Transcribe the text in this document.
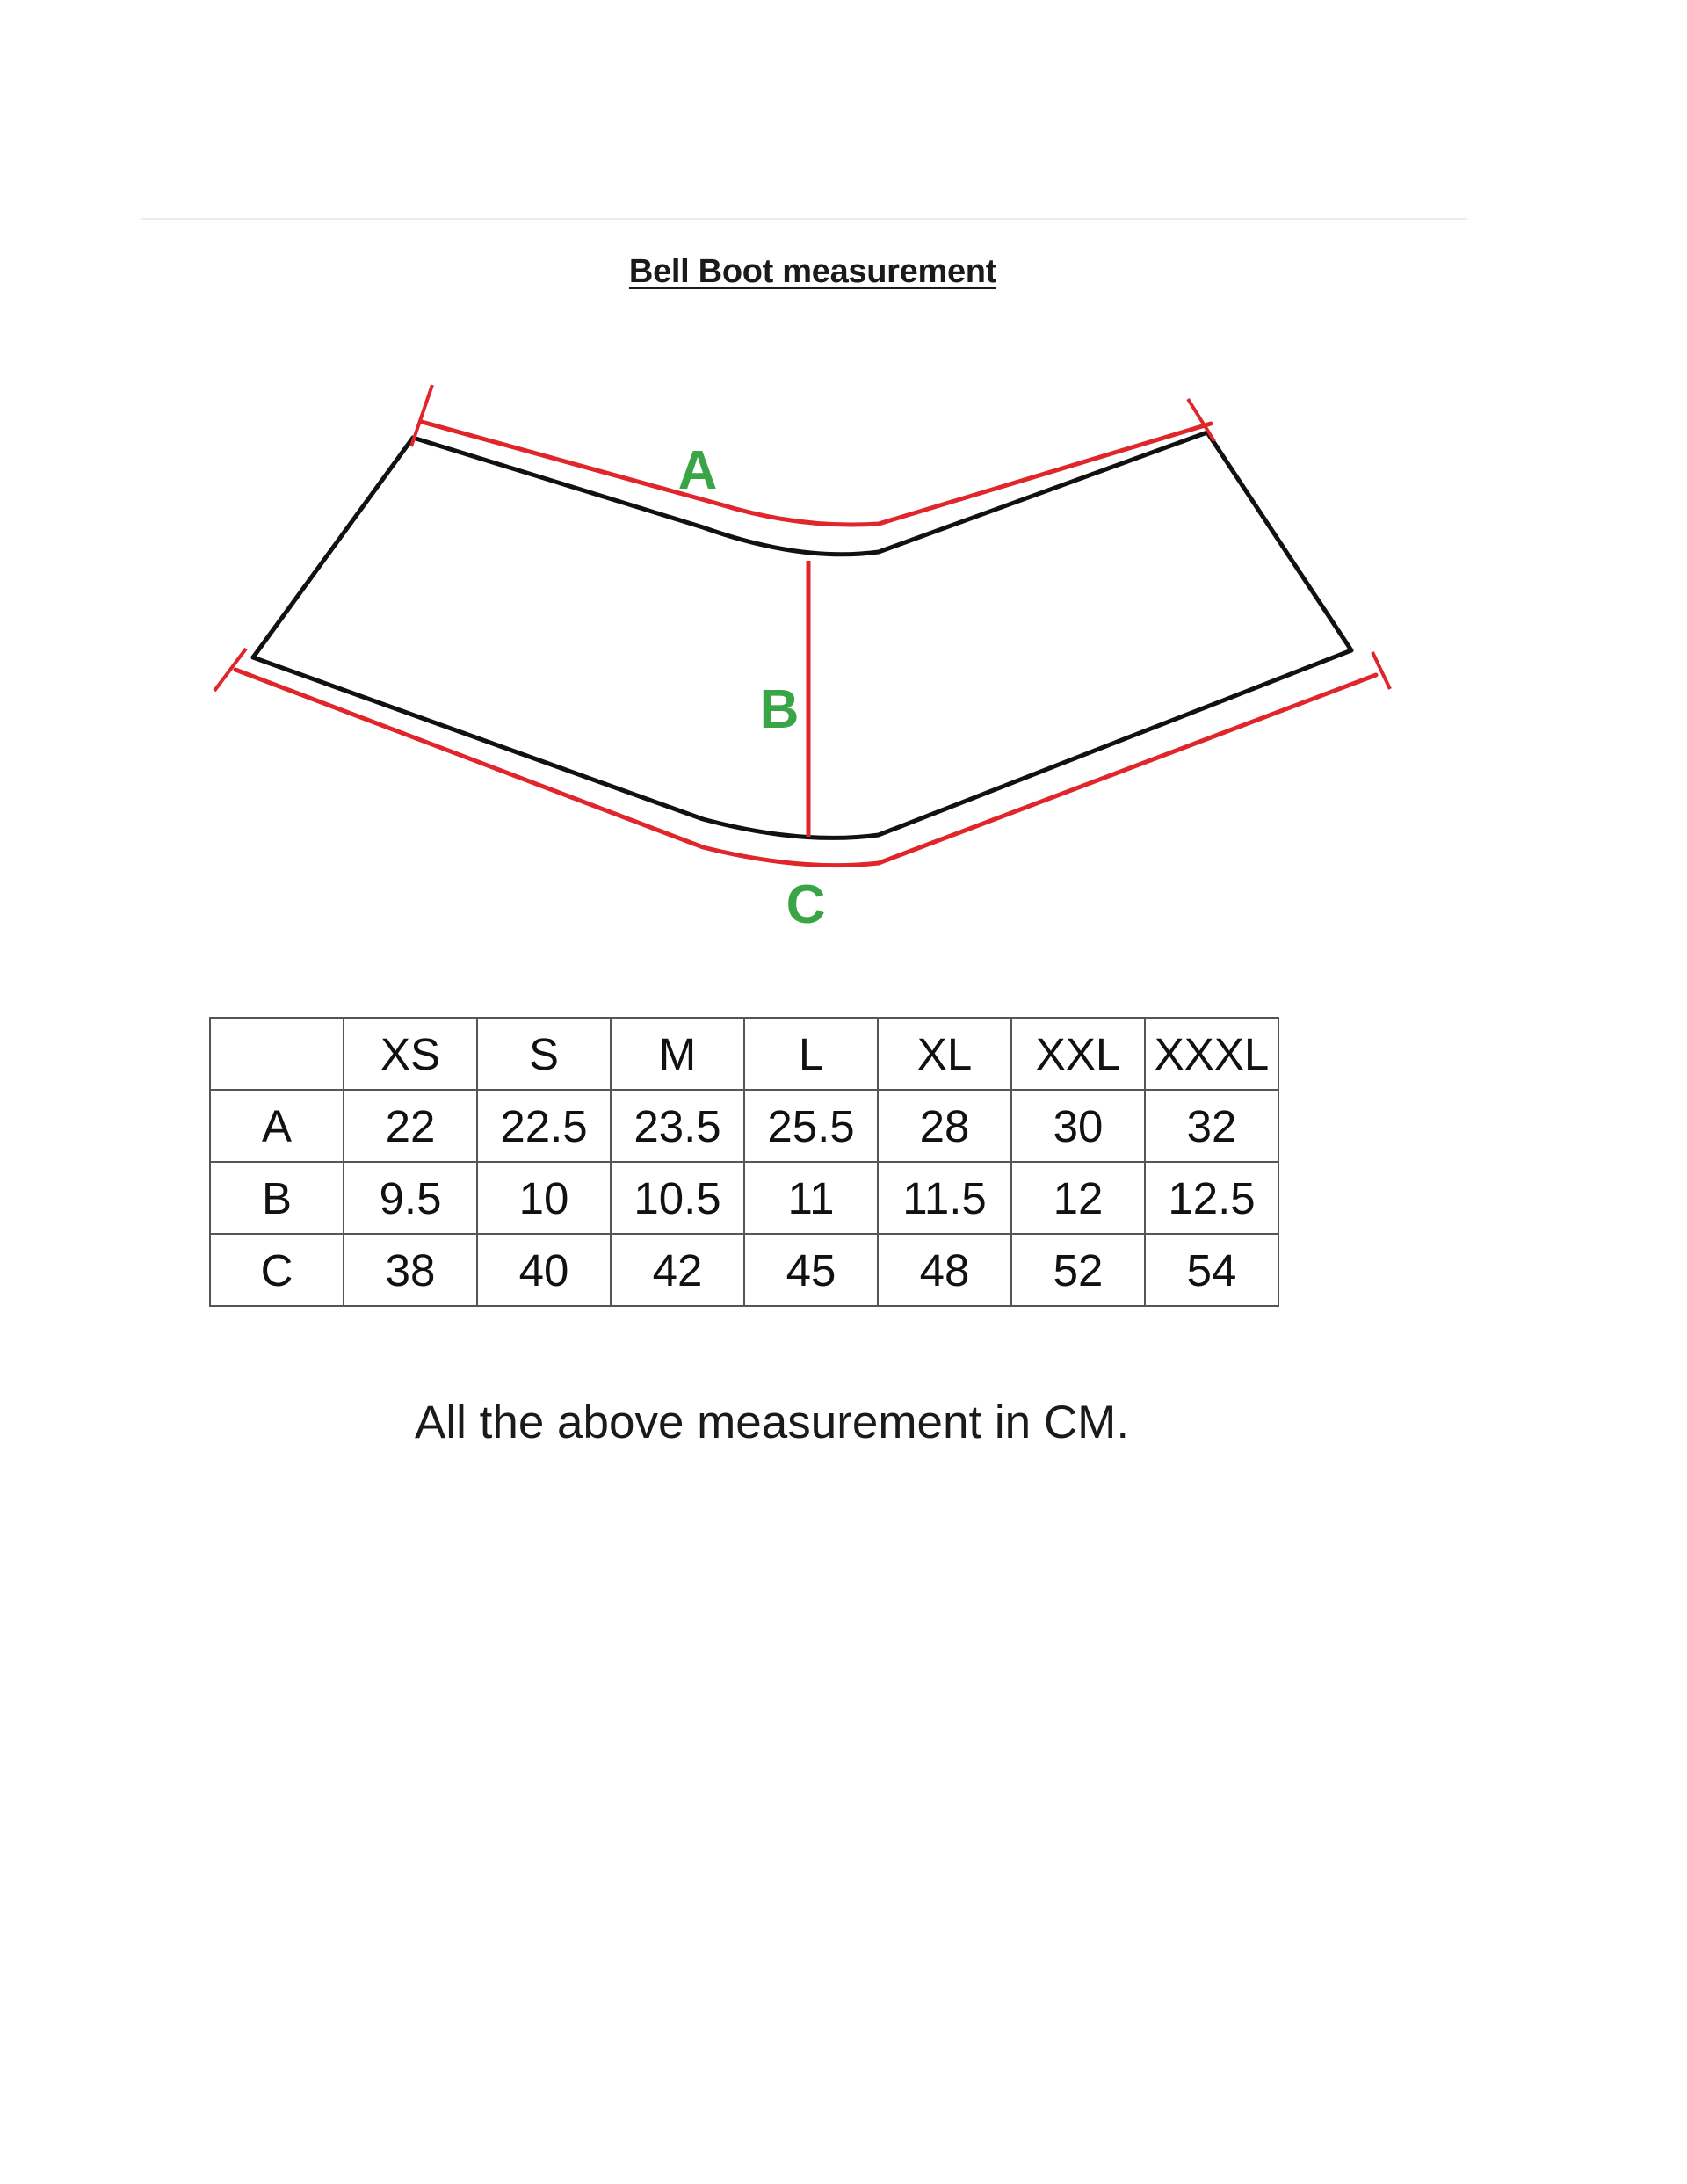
Bell Boot measurement
A
B
C
	XS	S	M	L	XL	XXL	XXXL
A	22	22.5	23.5	25.5	28	30	32
B	9.5	10	10.5	11	11.5	12	12.5
C	38	40	42	45	48	52	54
All the above measurement in CM.
